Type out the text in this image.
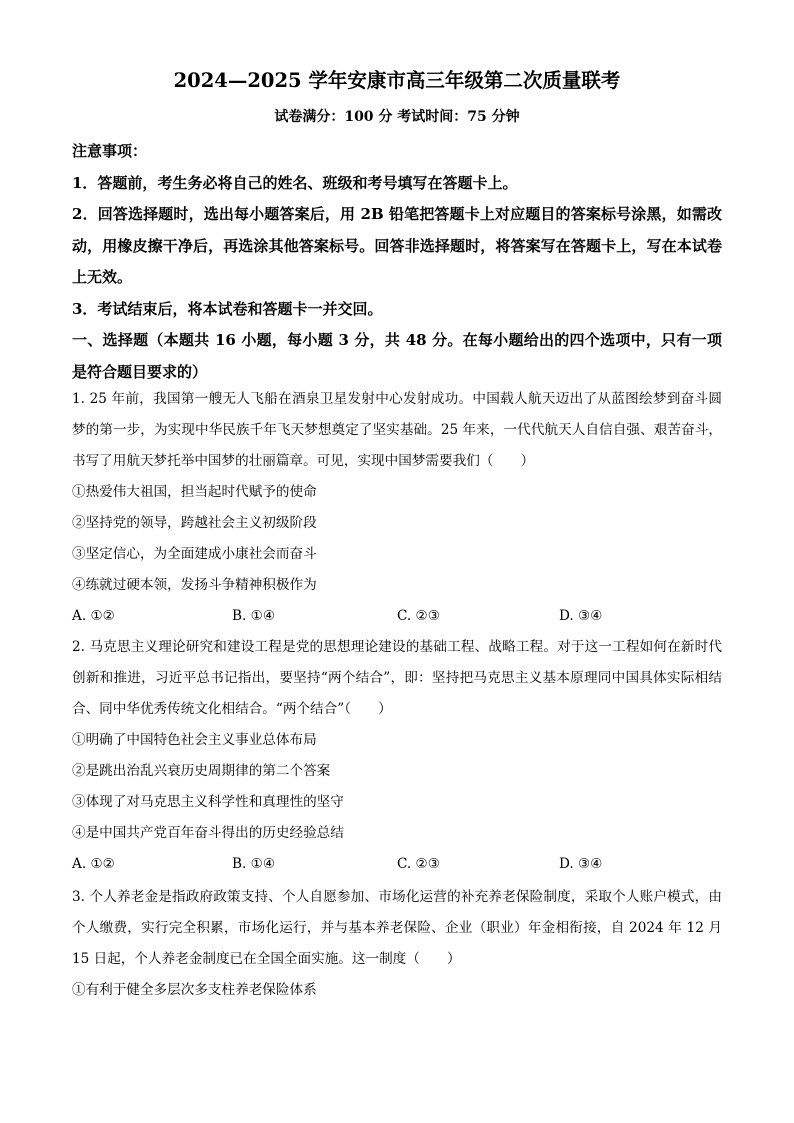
2024—2025 学年安康市高三年级第二次质量联考
试卷满分：100 分 考试时间：75 分钟
注意事项：
1．答题前，考生务必将自己的姓名、班级和考号填写在答题卡上。
2．回答选择题时，选出每小题答案后，用 2B 铅笔把答题卡上对应题目的答案标号涂黑，如需改动，用橡皮擦干净后，再选涂其他答案标号。回答非选择题时，将答案写在答题卡上，写在本试卷上无效。
3．考试结束后，将本试卷和答题卡一并交回。
一、选择题（本题共 16 小题，每小题 3 分，共 48 分。在每小题给出的四个选项中，只有一项是符合题目要求的）
1. 25 年前，我国第一艘无人飞船在酒泉卫星发射中心发射成功。中国载人航天迈出了从蓝图绘梦到奋斗圆梦的第一步，为实现中华民族千年飞天梦想奠定了坚实基础。25 年来，一代代航天人自信自强、艰苦奋斗，书写了用航天梦托举中国梦的壮丽篇章。可见，实现中国梦需要我们（　　）
①热爱伟大祖国，担当起时代赋予的使命
②坚持党的领导，跨越社会主义初级阶段
③坚定信心，为全面建成小康社会而奋斗
④练就过硬本领，发扬斗争精神积极作为
A. ①②	B. ①④	C. ②③	D. ③④
2. 马克思主义理论研究和建设工程是党的思想理论建设的基础工程、战略工程。对于这一工程如何在新时代创新和推进，习近平总书记指出，要坚持“两个结合”，即：坚持把马克思主义基本原理同中国具体实际相结合、同中华优秀传统文化相结合。“两个结合”（　　）
①明确了中国特色社会主义事业总体布局
②是跳出治乱兴衰历史周期律的第二个答案
③体现了对马克思主义科学性和真理性的坚守
④是中国共产党百年奋斗得出的历史经验总结
A. ①②	B. ①④	C. ②③	D. ③④
3. 个人养老金是指政府政策支持、个人自愿参加、市场化运营的补充养老保险制度，采取个人账户模式，由个人缴费，实行完全积累，市场化运行，并与基本养老保险、企业（职业）年金相衔接，自 2024 年 12 月 15 日起，个人养老金制度已在全国全面实施。这一制度（　　）
①有利于健全多层次多支柱养老保险体系
